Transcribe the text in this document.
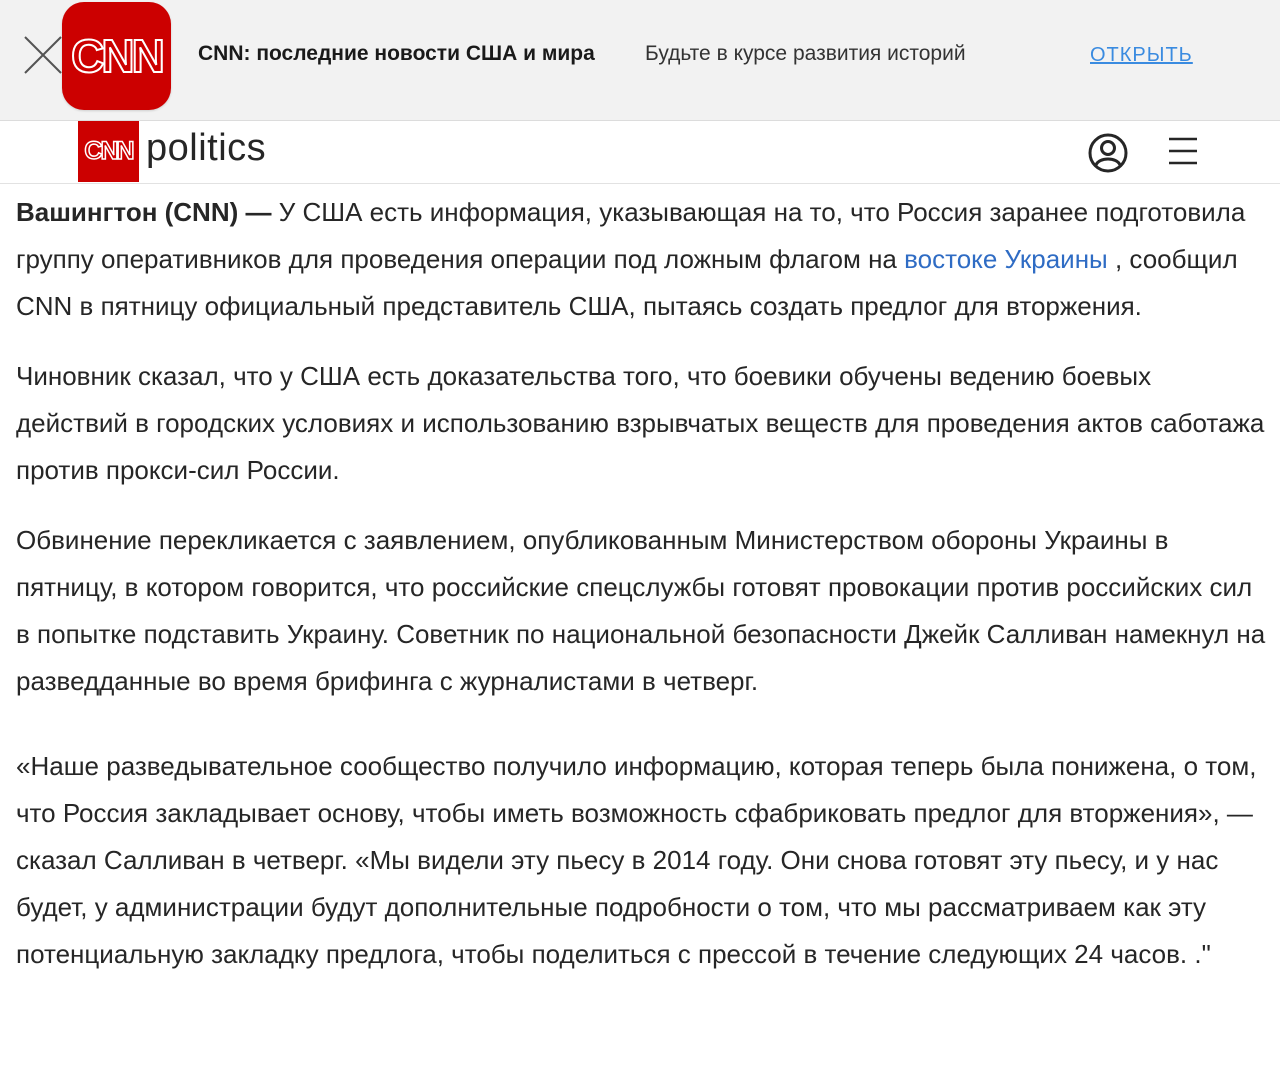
CNN CNN: последние новости США и мира Будьте в курсе развития историй	ОТКРЫТЬ
CNN politics

Вашингтон (CNN) — У США есть информация, указывающая на то, что Россия заранее подготовила группу оперативников для проведения операции под ложным флагом на востоке Украины , сообщил CNN в пятницу официальный представитель США, пытаясь создать предлог для вторжения.

Чиновник сказал, что у США есть доказательства того, что боевики обучены ведению боевых действий в городских условиях и использованию взрывчатых веществ для проведения актов саботажа против прокси-сил России.

Обвинение перекликается с заявлением, опубликованным Министерством обороны Украины в пятницу, в котором говорится, что российские спецслужбы готовят провокации против российских сил в попытке подставить Украину. Советник по национальной безопасности Джейк Салливан намекнул на разведданные во время брифинга с журналистами в четверг.

«Наше разведывательное сообщество получило информацию, которая теперь была понижена, о том, что Россия закладывает основу, чтобы иметь возможность сфабриковать предлог для вторжения», — сказал Салливан в четверг. «Мы видели эту пьесу в 2014 году. Они снова готовят эту пьесу, и у нас будет, у администрации будут дополнительные подробности о том, что мы рассматриваем как эту потенциальную закладку предлога, чтобы поделиться с прессой в течение следующих 24 часов. ."
